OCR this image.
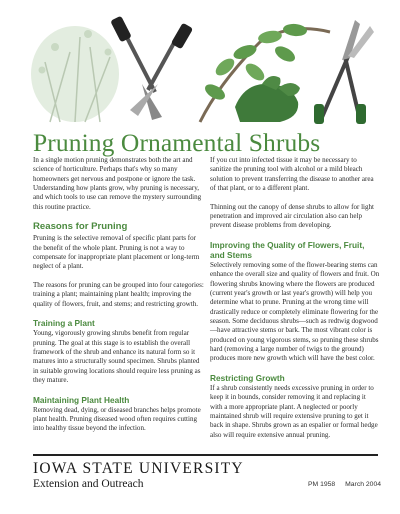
Pruning Ornamental Shrubs

In a single motion pruning demonstrates both the art and science of horticulture. Perhaps that's why so many homeowners get nervous and postpone or ignore the task. Understanding how plants grow, why pruning is necessary, and which tools to use can remove the mystery surrounding this routine practice.

Reasons for Pruning

Pruning is the selective removal of specific plant parts for the benefit of the whole plant. Pruning is not a way to compensate for inappropriate plant placement or long-term neglect of a plant.

The reasons for pruning can be grouped into four categories: training a plant; maintaining plant health; improving the quality of flowers, fruit, and stems; and restricting growth.

Training a Plant

Young, vigorously growing shrubs benefit from regular pruning. The goal at this stage is to establish the overall framework of the shrub and enhance its natural form so it matures into a structurally sound specimen. Shrubs planted in suitable growing locations should require less pruning as they mature.

Maintaining Plant Health

Removing dead, dying, or diseased branches helps promote plant health. Pruning diseased wood often requires cutting into healthy tissue beyond the infection.

If you cut into infected tissue it may be necessary to sanitize the pruning tool with alcohol or a mild bleach solution to prevent transferring the disease to another area of that plant, or to a different plant.

Thinning out the canopy of dense shrubs to allow for light penetration and improved air circulation also can help prevent disease problems from developing.

Improving the Quality of Flowers, Fruit, and Stems

Selectively removing some of the flower-bearing stems can enhance the overall size and quality of flowers and fruit. On flowering shrubs knowing where the flowers are produced (current year's growth or last year's growth) will help you determine what to prune. Pruning at the wrong time will drastically reduce or completely eliminate flowering for the season. Some deciduous shrubs—such as redtwig dogwood—have attractive stems or bark. The most vibrant color is produced on young vigorous stems, so pruning these shrubs hard (removing a large number of twigs to the ground) produces more new growth which will have the best color.

Restricting Growth

If a shrub consistently needs excessive pruning in order to keep it in bounds, consider removing it and replacing it with a more appropriate plant. A neglected or poorly maintained shrub will require extensive pruning to get it back in shape. Shrubs grown as an espalier or formal hedge also will require extensive annual pruning.

IOWA STATE UNIVERSITY
Extension and Outreach	PM 1958 March 2004
